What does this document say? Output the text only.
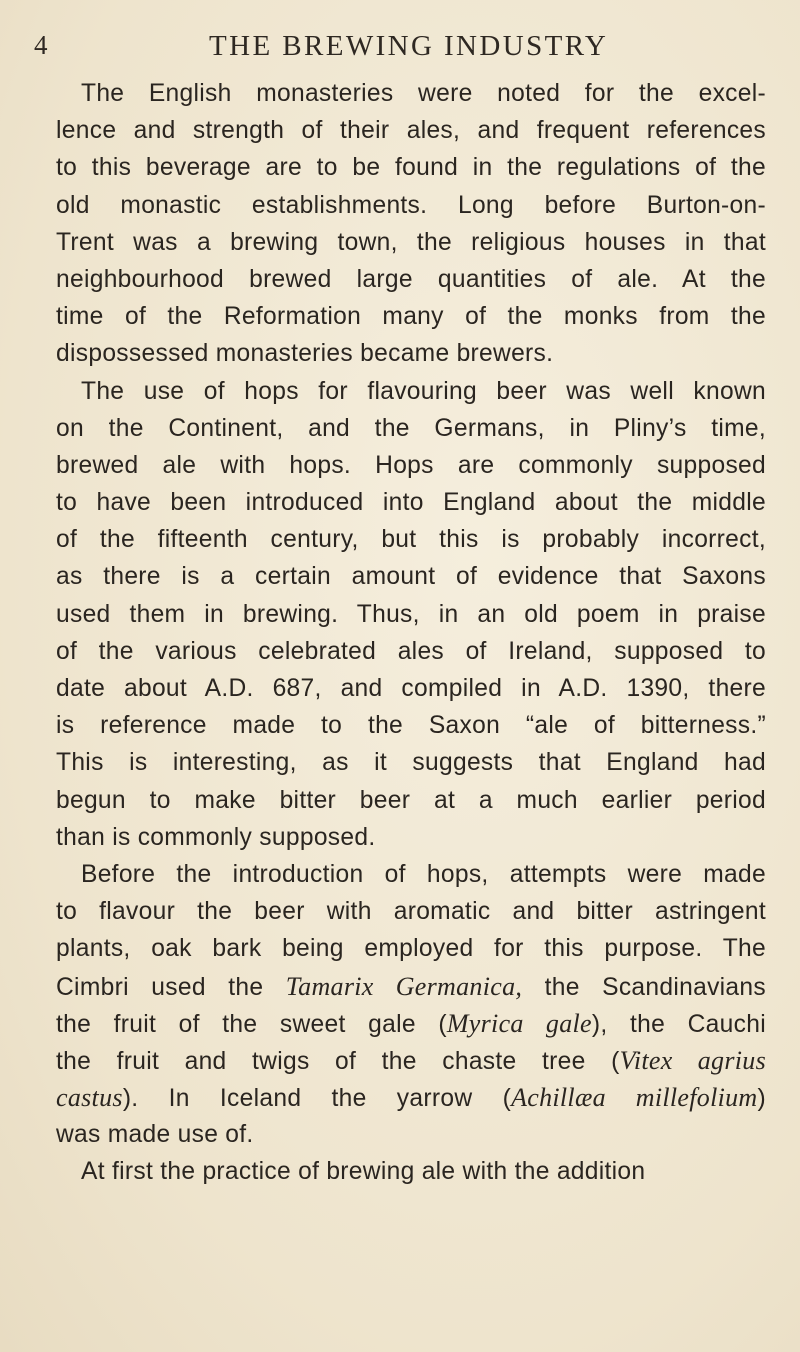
4	THE BREWING INDUSTRY
The English monasteries were noted for the excel-
lence and strength of their ales, and frequent references
to this beverage are to be found in the regulations of the
old monastic establishments. Long before Burton-on-
Trent was a brewing town, the religious houses in that
neighbourhood brewed large quantities of ale. At the
time of the Reformation many of the monks from the
dispossessed monasteries became brewers.
The use of hops for flavouring beer was well known
on the Continent, and the Germans, in Pliny’s time,
brewed ale with hops. Hops are commonly supposed
to have been introduced into England about the middle
of the fifteenth century, but this is probably incorrect,
as there is a certain amount of evidence that Saxons
used them in brewing. Thus, in an old poem in praise
of the various celebrated ales of Ireland, supposed to
date about A.D. 687, and compiled in A.D. 1390, there
is reference made to the Saxon “ale of bitterness.”
This is interesting, as it suggests that England had
begun to make bitter beer at a much earlier period
than is commonly supposed.
Before the introduction of hops, attempts were made
to flavour the beer with aromatic and bitter astringent
plants, oak bark being employed for this purpose. The
Cimbri used the Tamarix Germanica, the Scandinavians
the fruit of the sweet gale (Myrica gale), the Cauchi
the fruit and twigs of the chaste tree (Vitex agrius
castus). In Iceland the yarrow (Achillæa millefolium)
was made use of.
At first the practice of brewing ale with the addition
